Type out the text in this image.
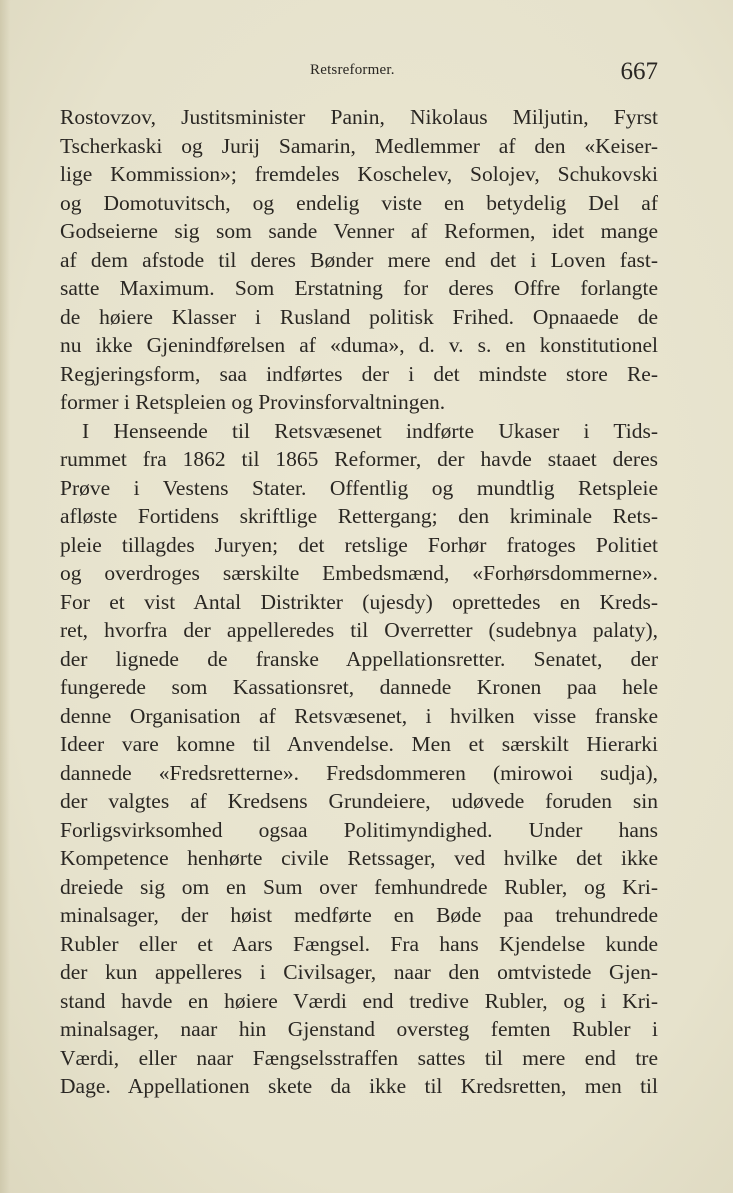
Retsreformer.	667
Rostovzov, Justitsminister Panin, Nikolaus Miljutin, Fyrst
Tscherkaski og Jurij Samarin, Medlemmer af den «Keiser-
lige Kommission»; fremdeles Koschelev, Solojev, Schukovski
og Domotuvitsch, og endelig viste en betydelig Del af
Godseierne sig som sande Venner af Reformen, idet mange
af dem afstode til deres Bønder mere end det i Loven fast-
satte Maximum. Som Erstatning for deres Offre forlangte
de høiere Klasser i Rusland politisk Frihed. Opnaaede de
nu ikke Gjenindførelsen af «duma», d. v. s. en konstitutionel
Regjeringsform, saa indførtes der i det mindste store Re-
former i Retspleien og Provinsforvaltningen.
I Henseende til Retsvæsenet indførte Ukaser i Tids-
rummet fra 1862 til 1865 Reformer, der havde staaet deres
Prøve i Vestens Stater. Offentlig og mundtlig Retspleie
afløste Fortidens skriftlige Rettergang; den kriminale Rets-
pleie tillagdes Juryen; det retslige Forhør fratoges Politiet
og overdroges særskilte Embedsmænd, «Forhørsdommerne».
For et vist Antal Distrikter (ujesdy) oprettedes en Kreds-
ret, hvorfra der appelleredes til Overretter (sudebnya palaty),
der lignede de franske Appellationsretter. Senatet, der
fungerede som Kassationsret, dannede Kronen paa hele
denne Organisation af Retsvæsenet, i hvilken visse franske
Ideer vare komne til Anvendelse. Men et særskilt Hierarki
dannede «Fredsretterne». Fredsdommeren (mirowoi sudja),
der valgtes af Kredsens Grundeiere, udøvede foruden sin
Forligsvirksomhed ogsaa Politimyndighed. Under hans
Kompetence henhørte civile Retssager, ved hvilke det ikke
dreiede sig om en Sum over femhundrede Rubler, og Kri-
minalsager, der høist medførte en Bøde paa trehundrede
Rubler eller et Aars Fængsel. Fra hans Kjendelse kunde
der kun appelleres i Civilsager, naar den omtvistede Gjen-
stand havde en høiere Værdi end tredive Rubler, og i Kri-
minalsager, naar hin Gjenstand oversteg femten Rubler i
Værdi, eller naar Fængselsstraffen sattes til mere end tre
Dage. Appellationen skete da ikke til Kredsretten, men til
